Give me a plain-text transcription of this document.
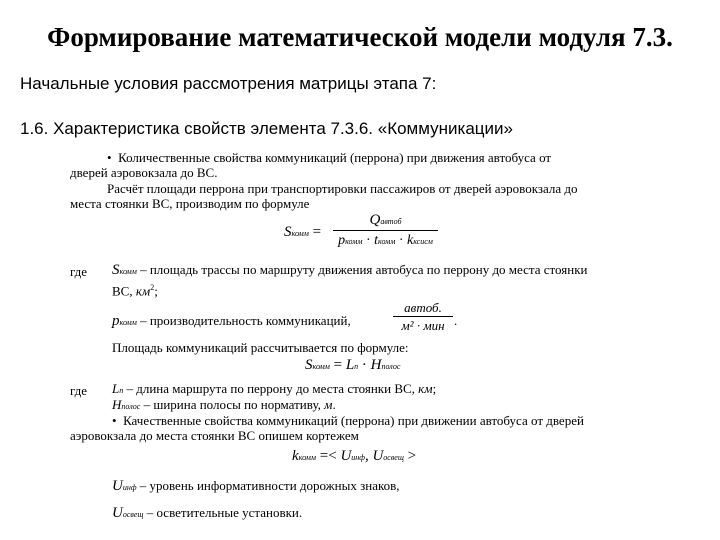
Формирование математической модели модуля 7.3.
Начальные условия рассмотрения матрицы этапа 7:
1.6. Характеристика свойств элемента 7.3.6. «Коммуникации»
• Количественные свойства коммуникаций (перрона) при движения автобуса от
дверей аэровокзала до ВС.
Расчёт площади перрона при транспортировки пассажиров от дверей аэровокзала до
места стоянки ВС, производим по формуле
Sкомм =
Qавтоб
pкомм · tкомм · kксисм
где Sкомм – площадь трассы по маршруту движения автобуса по перрону до места стоянки
ВС, $км^2$;
pкомм – производительность коммуникаций,
автоб.
м² · мин .
Площадь коммуникаций рассчитывается по формуле:
Sкомм = Ln · Hполос
где Ln – длина маршрута по перрону до места стоянки ВС, км;
Hполос – ширина полосы по нормативу, м.
• Качественные свойства коммуникаций (перрона) при движении автобуса от дверей
аэровокзала до места стоянки ВС опишем кортежем
kкомм =< Uинф, Uосвещ >
Uинф – уровень информативности дорожных знаков,
Uосвещ – осветительные установки.
